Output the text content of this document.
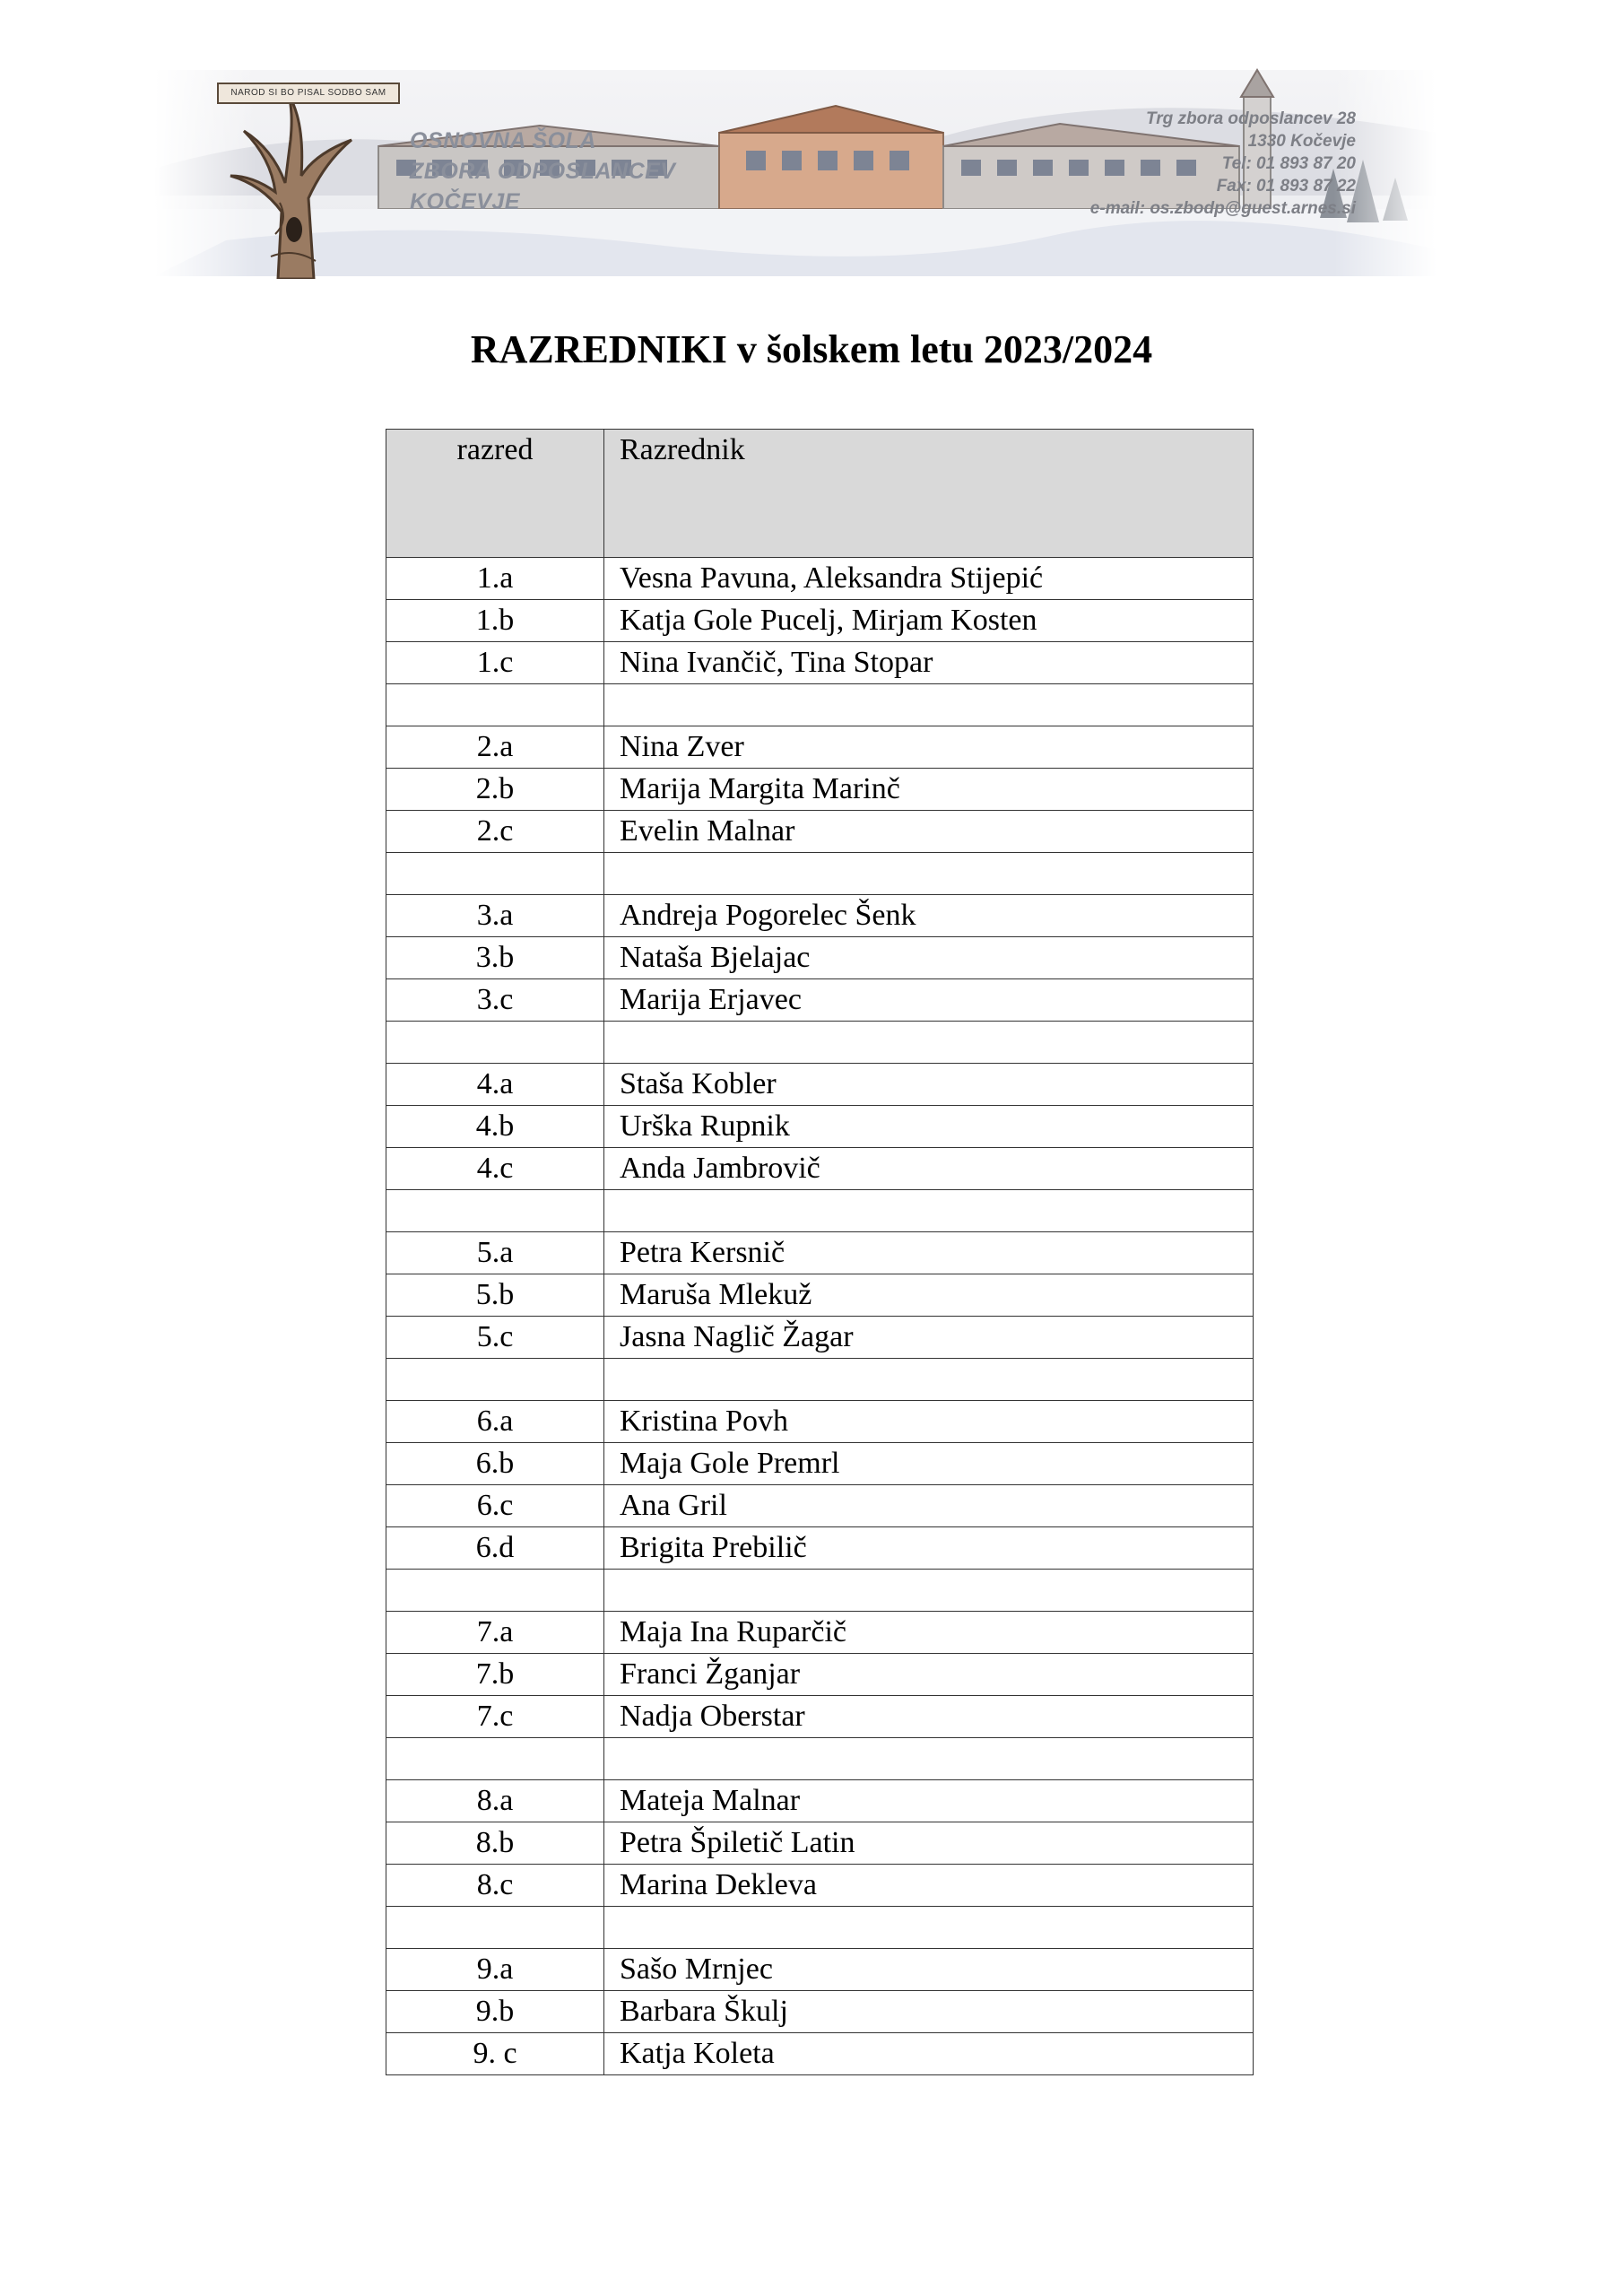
NAROD SI BO PISAL SODBO SAM
OSNOVNA ŠOLA
ZBORA ODPOSLANCEV
KOČEVJE
Trg zbora odposlancev 28
1330 Kočevje
Tel: 01 893 87 20
Fax: 01 893 87 22
e-mail: os.zbodp@guest.arnes.si
RAZREDNIKI v šolskem letu 2023/2024
razred	Razrednik
1.a	Vesna Pavuna, Aleksandra Stijepić
1.b	Katja Gole Pucelj, Mirjam Kosten
1.c	Nina Ivančič, Tina Stopar

2.a	Nina Zver
2.b	Marija Margita Marinč
2.c	Evelin Malnar

3.a	Andreja Pogorelec Šenk
3.b	Nataša Bjelajac
3.c	Marija Erjavec

4.a	Staša Kobler
4.b	Urška Rupnik
4.c	Anda Jambrovič

5.a	Petra Kersnič
5.b	Maruša Mlekuž
5.c	Jasna Naglič Žagar

6.a	Kristina Povh
6.b	Maja Gole Premrl
6.c	Ana Gril
6.d	Brigita Prebilič

7.a	Maja Ina Ruparčič
7.b	Franci Žganjar
7.c	Nadja Oberstar

8.a	Mateja Malnar
8.b	Petra Špiletič Latin
8.c	Marina Dekleva

9.a	Sašo Mrnjec
9.b	Barbara Škulj
9. c	Katja Koleta
